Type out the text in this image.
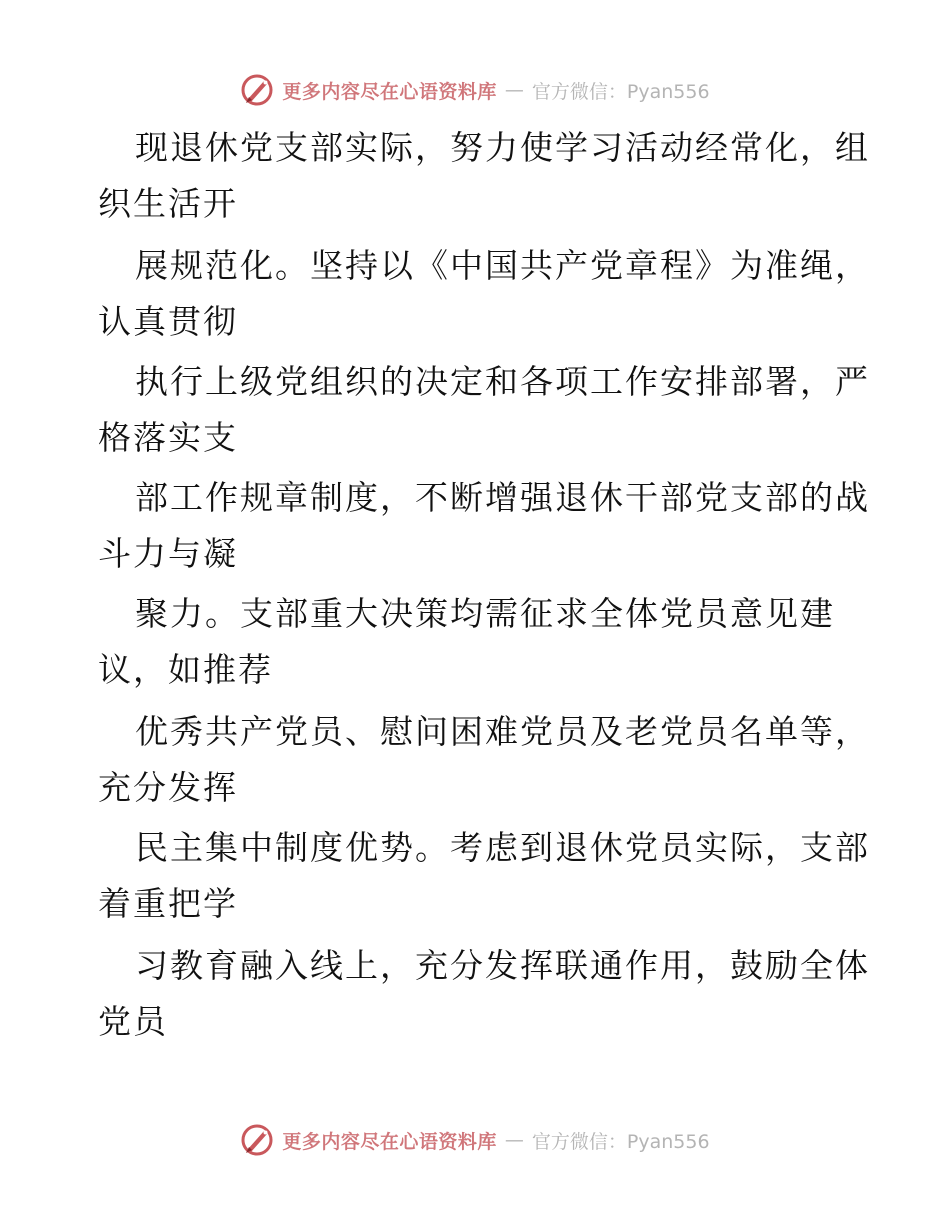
更多内容尽在心语资料库 — 官方微信：Pyan556
现退休党支部实际，努力使学习活动经常化，组
织生活开
展规范化。坚持以《中国共产党章程》为准绳，
认真贯彻
执行上级党组织的决定和各项工作安排部署，严
格落实支
部工作规章制度，不断增强退休干部党支部的战
斗力与凝
聚力。支部重大决策均需征求全体党员意见建
议，如推荐
优秀共产党员、慰问困难党员及老党员名单等，
充分发挥
民主集中制度优势。考虑到退休党员实际，支部
着重把学
习教育融入线上，充分发挥联通作用，鼓励全体
党员
更多内容尽在心语资料库 — 官方微信：Pyan556
